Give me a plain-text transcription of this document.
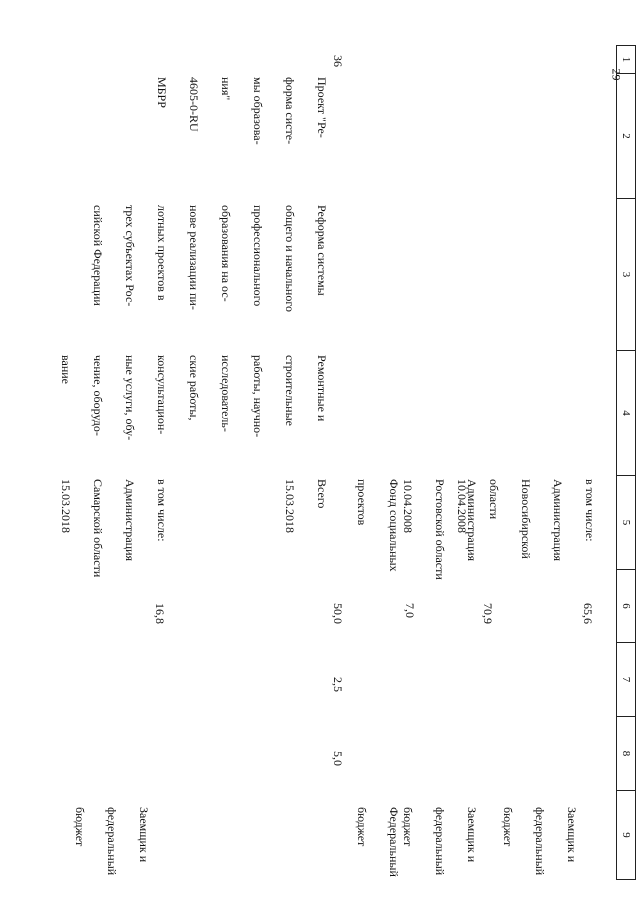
29
1
2
3
4
5
6
7
8
9

в том числе:

Администрация

Новосибирской

области

10.04.2008

65,6

Заемщик и

федеральный

бюджет

Администрация

Ростовской области

10.04.2008

70,9

Заемщик и

федеральный

бюджет

Фонд социальных

проектов

7,0

Федеральный

бюджет

36

Проект "Ре-

форма систе-

мы образова-

ния"

4605-0-RU

МБРР

Реформа системы

общего и начального

профессионального

образования на ос-

нове реализации пи-

лотных проектов в

трех субъектах Рос-

сийской Федерации

Ремонтные и

строительные

работы, научно-

исследователь-

ские работы,

консультацион-

ные услуги, обу-

чение, оборудо-

вание

Всего

15.03.2018

50,0
2,5
5,0

в том числе:

Администрация

Самарской области

15.03.2018

16,8

Заемщик и

федеральный

бюджет
